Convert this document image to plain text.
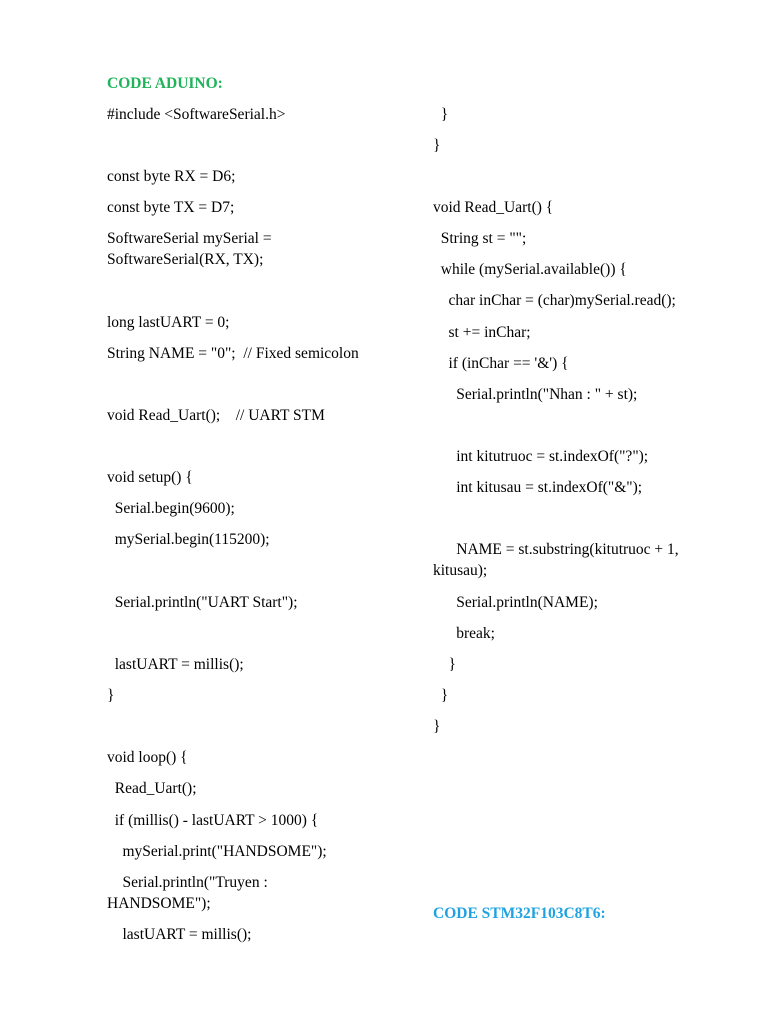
CODE ADUINO:
#include <SoftwareSerial.h>
const byte RX = D6;
const byte TX = D7;
SoftwareSerial mySerial =
SoftwareSerial(RX, TX);
long lastUART = 0;
String NAME = "0";  // Fixed semicolon
void Read_Uart();    // UART STM
void setup() {
Serial.begin(9600);
mySerial.begin(115200);
Serial.println("UART Start");
lastUART = millis();
}
void loop() {
Read_Uart();
if (millis() - lastUART > 1000) {
mySerial.print("HANDSOME");
Serial.println("Truyen :
HANDSOME");
lastUART = millis();
}
}
void Read_Uart() {
String st = "";
while (mySerial.available()) {
char inChar = (char)mySerial.read();
st += inChar;
if (inChar == '&') {
Serial.println("Nhan : " + st);
int kitutruoc = st.indexOf("?");
int kitusau = st.indexOf("&");
NAME = st.substring(kitutruoc + 1,
kitusau);
Serial.println(NAME);
break;
}
}
}
CODE STM32F103C8T6:
